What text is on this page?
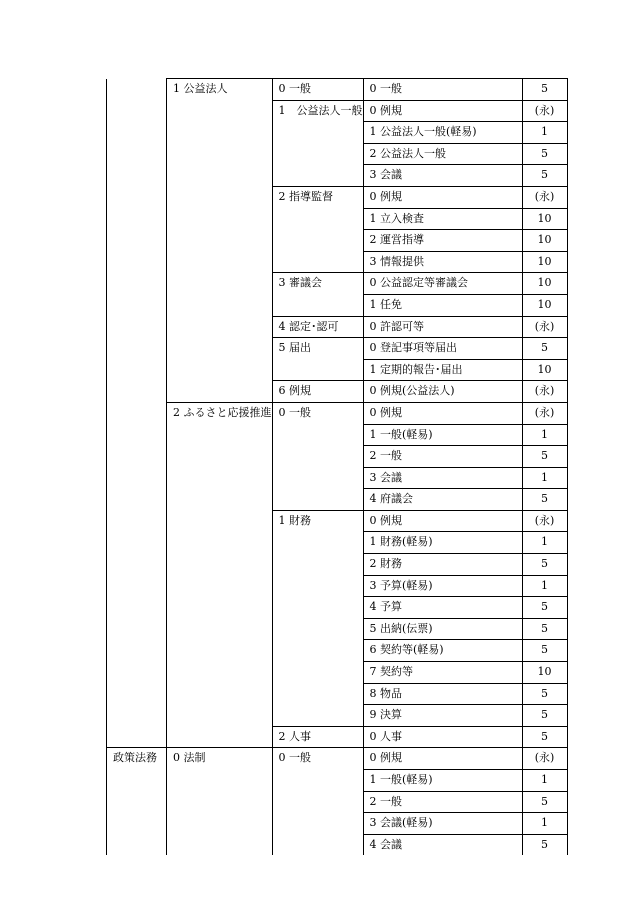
	1 公益法人	0 一般	0 一般	5
		1　公益法人一般	0 例規	(永)
			1 公益法人一般(軽易)	1
			2 公益法人一般	5
			3 会議	5
		2 指導監督	0 例規	(永)
			1 立入検査	10
			2 運営指導	10
			3 情報提供	10
		3 審議会	0 公益認定等審議会	10
			1 任免	10
		4 認定･認可	0 許認可等	(永)
		5 届出	0 登記事項等届出	5
			1 定期的報告･届出	10
		6 例規	0 例規(公益法人)	(永)
	2 ふるさと応援推進	0 一般	0 例規	(永)
			1 一般(軽易)	1
			2 一般	5
			3 会議	1
			4 府議会	5
		1 財務	0 例規	(永)
			1 財務(軽易)	1
			2 財務	5
			3 予算(軽易)	1
			4 予算	5
			5 出納(伝票)	5
			6 契約等(軽易)	5
			7 契約等	10
			8 物品	5
			9 決算	5
		2 人事	0 人事	5
政策法務	0 法制	0 一般	0 例規	(永)
			1 一般(軽易)	1
			2 一般	5
			3 会議(軽易)	1
			4 会議	5
